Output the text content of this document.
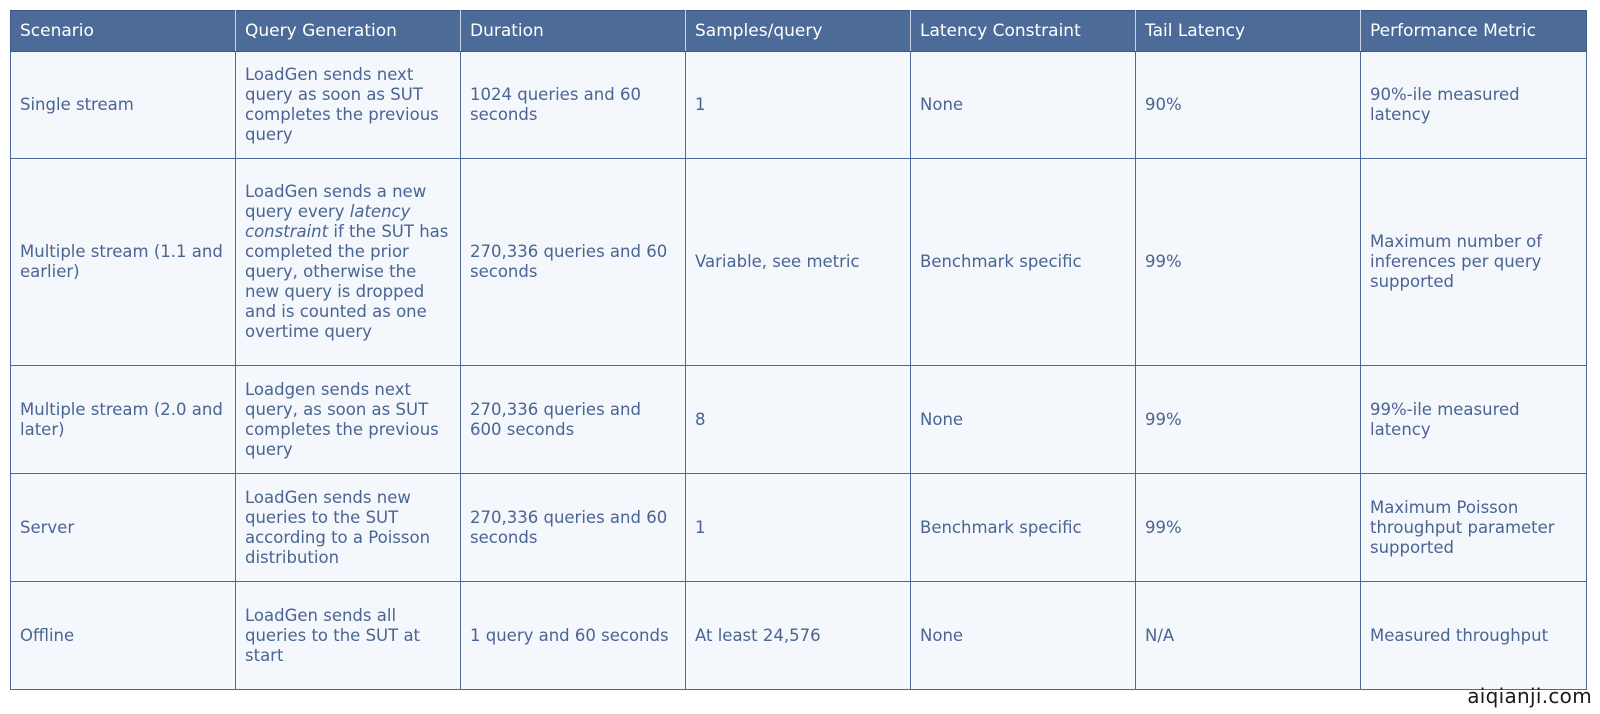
Scenario	Query Generation	Duration	Samples/query	Latency Constraint	Tail Latency	Performance Metric
Single stream	LoadGen sends next query as soon as SUT completes the previous query	1024 queries and 60 seconds	1	None	90%	90%-ile measured latency
Multiple stream (1.1 and earlier)	LoadGen sends a new query every latency constraint if the SUT has completed the prior query, otherwise the new query is dropped and is counted as one overtime query	270,336 queries and 60 seconds	Variable, see metric	Benchmark specific	99%	Maximum number of inferences per query supported
Multiple stream (2.0 and later)	Loadgen sends next query, as soon as SUT completes the previous query	270,336 queries and 600 seconds	8	None	99%	99%-ile measured latency
Server	LoadGen sends new queries to the SUT according to a Poisson distribution	270,336 queries and 60 seconds	1	Benchmark specific	99%	Maximum Poisson throughput parameter supported
Offline	LoadGen sends all queries to the SUT at start	1 query and 60 seconds	At least 24,576	None	N/A	Measured throughput
aiqianji.com
